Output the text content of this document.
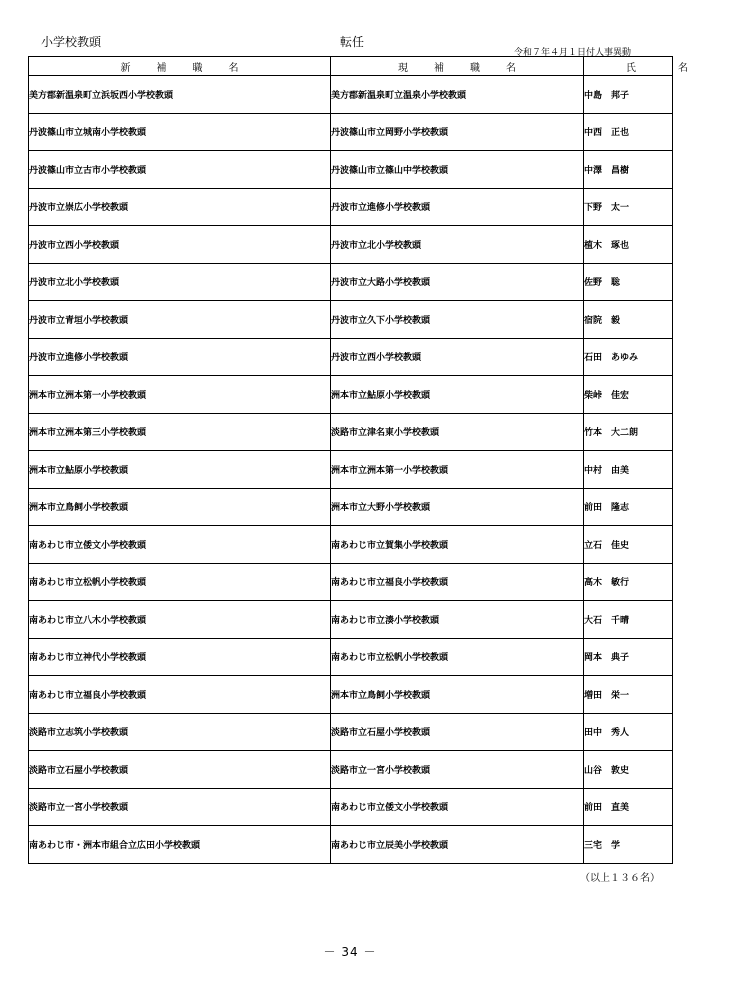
小学校教頭	転任
令和７年４月１日付人事異動
新補職名	現補職名	氏名
美方郡新温泉町立浜坂西小学校教頭	美方郡新温泉町立温泉小学校教頭	中島　邦子
丹波篠山市立城南小学校教頭	丹波篠山市立岡野小学校教頭	中西　正也
丹波篠山市立古市小学校教頭	丹波篠山市立篠山中学校教頭	中澤　昌樹
丹波市立崇広小学校教頭	丹波市立進修小学校教頭	下野　太一
丹波市立西小学校教頭	丹波市立北小学校教頭	植木　琢也
丹波市立北小学校教頭	丹波市立大路小学校教頭	佐野　聡
丹波市立青垣小学校教頭	丹波市立久下小学校教頭	宿院　毅
丹波市立進修小学校教頭	丹波市立西小学校教頭	石田　あゆみ
洲本市立洲本第一小学校教頭	洲本市立鮎原小学校教頭	柴峠　佳宏
洲本市立洲本第三小学校教頭	淡路市立津名東小学校教頭	竹本　大二朗
洲本市立鮎原小学校教頭	洲本市立洲本第一小学校教頭	中村　由美
洲本市立鳥飼小学校教頭	洲本市立大野小学校教頭	前田　隆志
南あわじ市立倭文小学校教頭	南あわじ市立賀集小学校教頭	立石　佳史
南あわじ市立松帆小学校教頭	南あわじ市立福良小学校教頭	高木　敏行
南あわじ市立八木小学校教頭	南あわじ市立湊小学校教頭	大石　千晴
南あわじ市立神代小学校教頭	南あわじ市立松帆小学校教頭	岡本　典子
南あわじ市立福良小学校教頭	洲本市立鳥飼小学校教頭	増田　栄一
淡路市立志筑小学校教頭	淡路市立石屋小学校教頭	田中　秀人
淡路市立石屋小学校教頭	淡路市立一宮小学校教頭	山谷　敦史
淡路市立一宮小学校教頭	南あわじ市立倭文小学校教頭	前田　直美
南あわじ市・洲本市組合立広田小学校教頭	南あわじ市立辰美小学校教頭	三宅　学
（以上１３６名）
－ 34 －
